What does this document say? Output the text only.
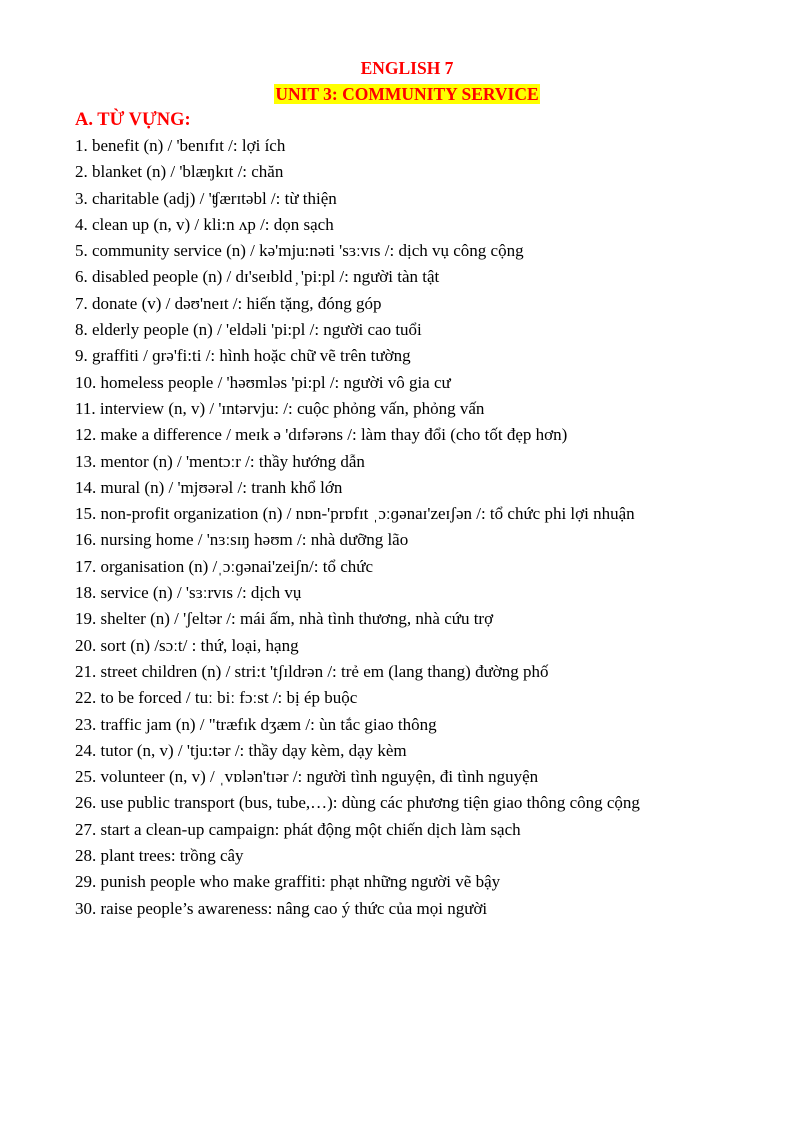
ENGLISH 7
UNIT 3: COMMUNITY SERVICE
A. TỪ VỰNG:
1. benefit (n) / 'benɪfɪt /: lợi ích
2. blanket (n) / 'blæŋkɪt /: chăn
3. charitable (adj) / 'ʧærɪtəbl /: từ thiện
4. clean up (n, v) / kli:n ʌp /: dọn sạch
5. community service (n) / kə'mju:nəti 'sɜːvɪs /: dịch vụ công cộng
6. disabled people (n) / dɪ'seɪbld ̦ 'pi:pl /: người tàn tật
7. donate (v) / dəʊ'neɪt /: hiến tặng, đóng góp
8. elderly people (n) / 'eldəli 'pi:pl /: người cao tuổi
9. graffiti / ɡrə'fi:ti /: hình hoặc chữ vẽ trên tường
10. homeless people / 'həʊmləs 'pi:pl /: người vô gia cư
11. interview (n, v) / 'ɪntərvju: /: cuộc phỏng vấn, phỏng vấn
12. make a difference / meɪk ə 'dɪfərəns /: làm thay đổi (cho tốt đẹp hơn)
13. mentor (n) / 'mentɔːr /: thầy hướng dẫn
14. mural (n) / 'mjʊərəl /: tranh khổ lớn
15. non-profit organization (n) / nɒn-'prɒfɪt ˌɔːɡənaɪ'zeɪʃən /: tổ chức phi lợi nhuận
16. nursing home / 'nɜːsɪŋ həʊm /: nhà dưỡng lão
17. organisation (n) /ˌɔːɡənai'zeiʃn/: tổ chức
18. service (n) / 'sɜːrvɪs /: dịch vụ
19. shelter (n) / 'ʃeltər /: mái ấm, nhà tình thương, nhà cứu trợ
20. sort (n) /sɔːt/ : thứ, loại, hạng
21. street children (n) / stri:t 'tʃɪldrən /: trẻ em (lang thang) đường phố
22. to be forced / tuː biː fɔːst /: bị ép buộc
23. traffic jam (n) / "træfɪk dʒæm /: ùn tắc giao thông
24. tutor (n, v) / 'tju:tər /: thầy dạy kèm, dạy kèm
25. volunteer (n, v) / ˌvɒlən'tɪər /: người tình nguyện, đi tình nguyện
26. use public transport (bus, tube,…): dùng các phương tiện giao thông công cộng
27. start a clean-up campaign: phát động một chiến dịch làm sạch
28. plant trees: trồng cây
29. punish people who make graffiti: phạt những người vẽ bậy
30. raise people’s awareness: nâng cao ý thức của mọi người
